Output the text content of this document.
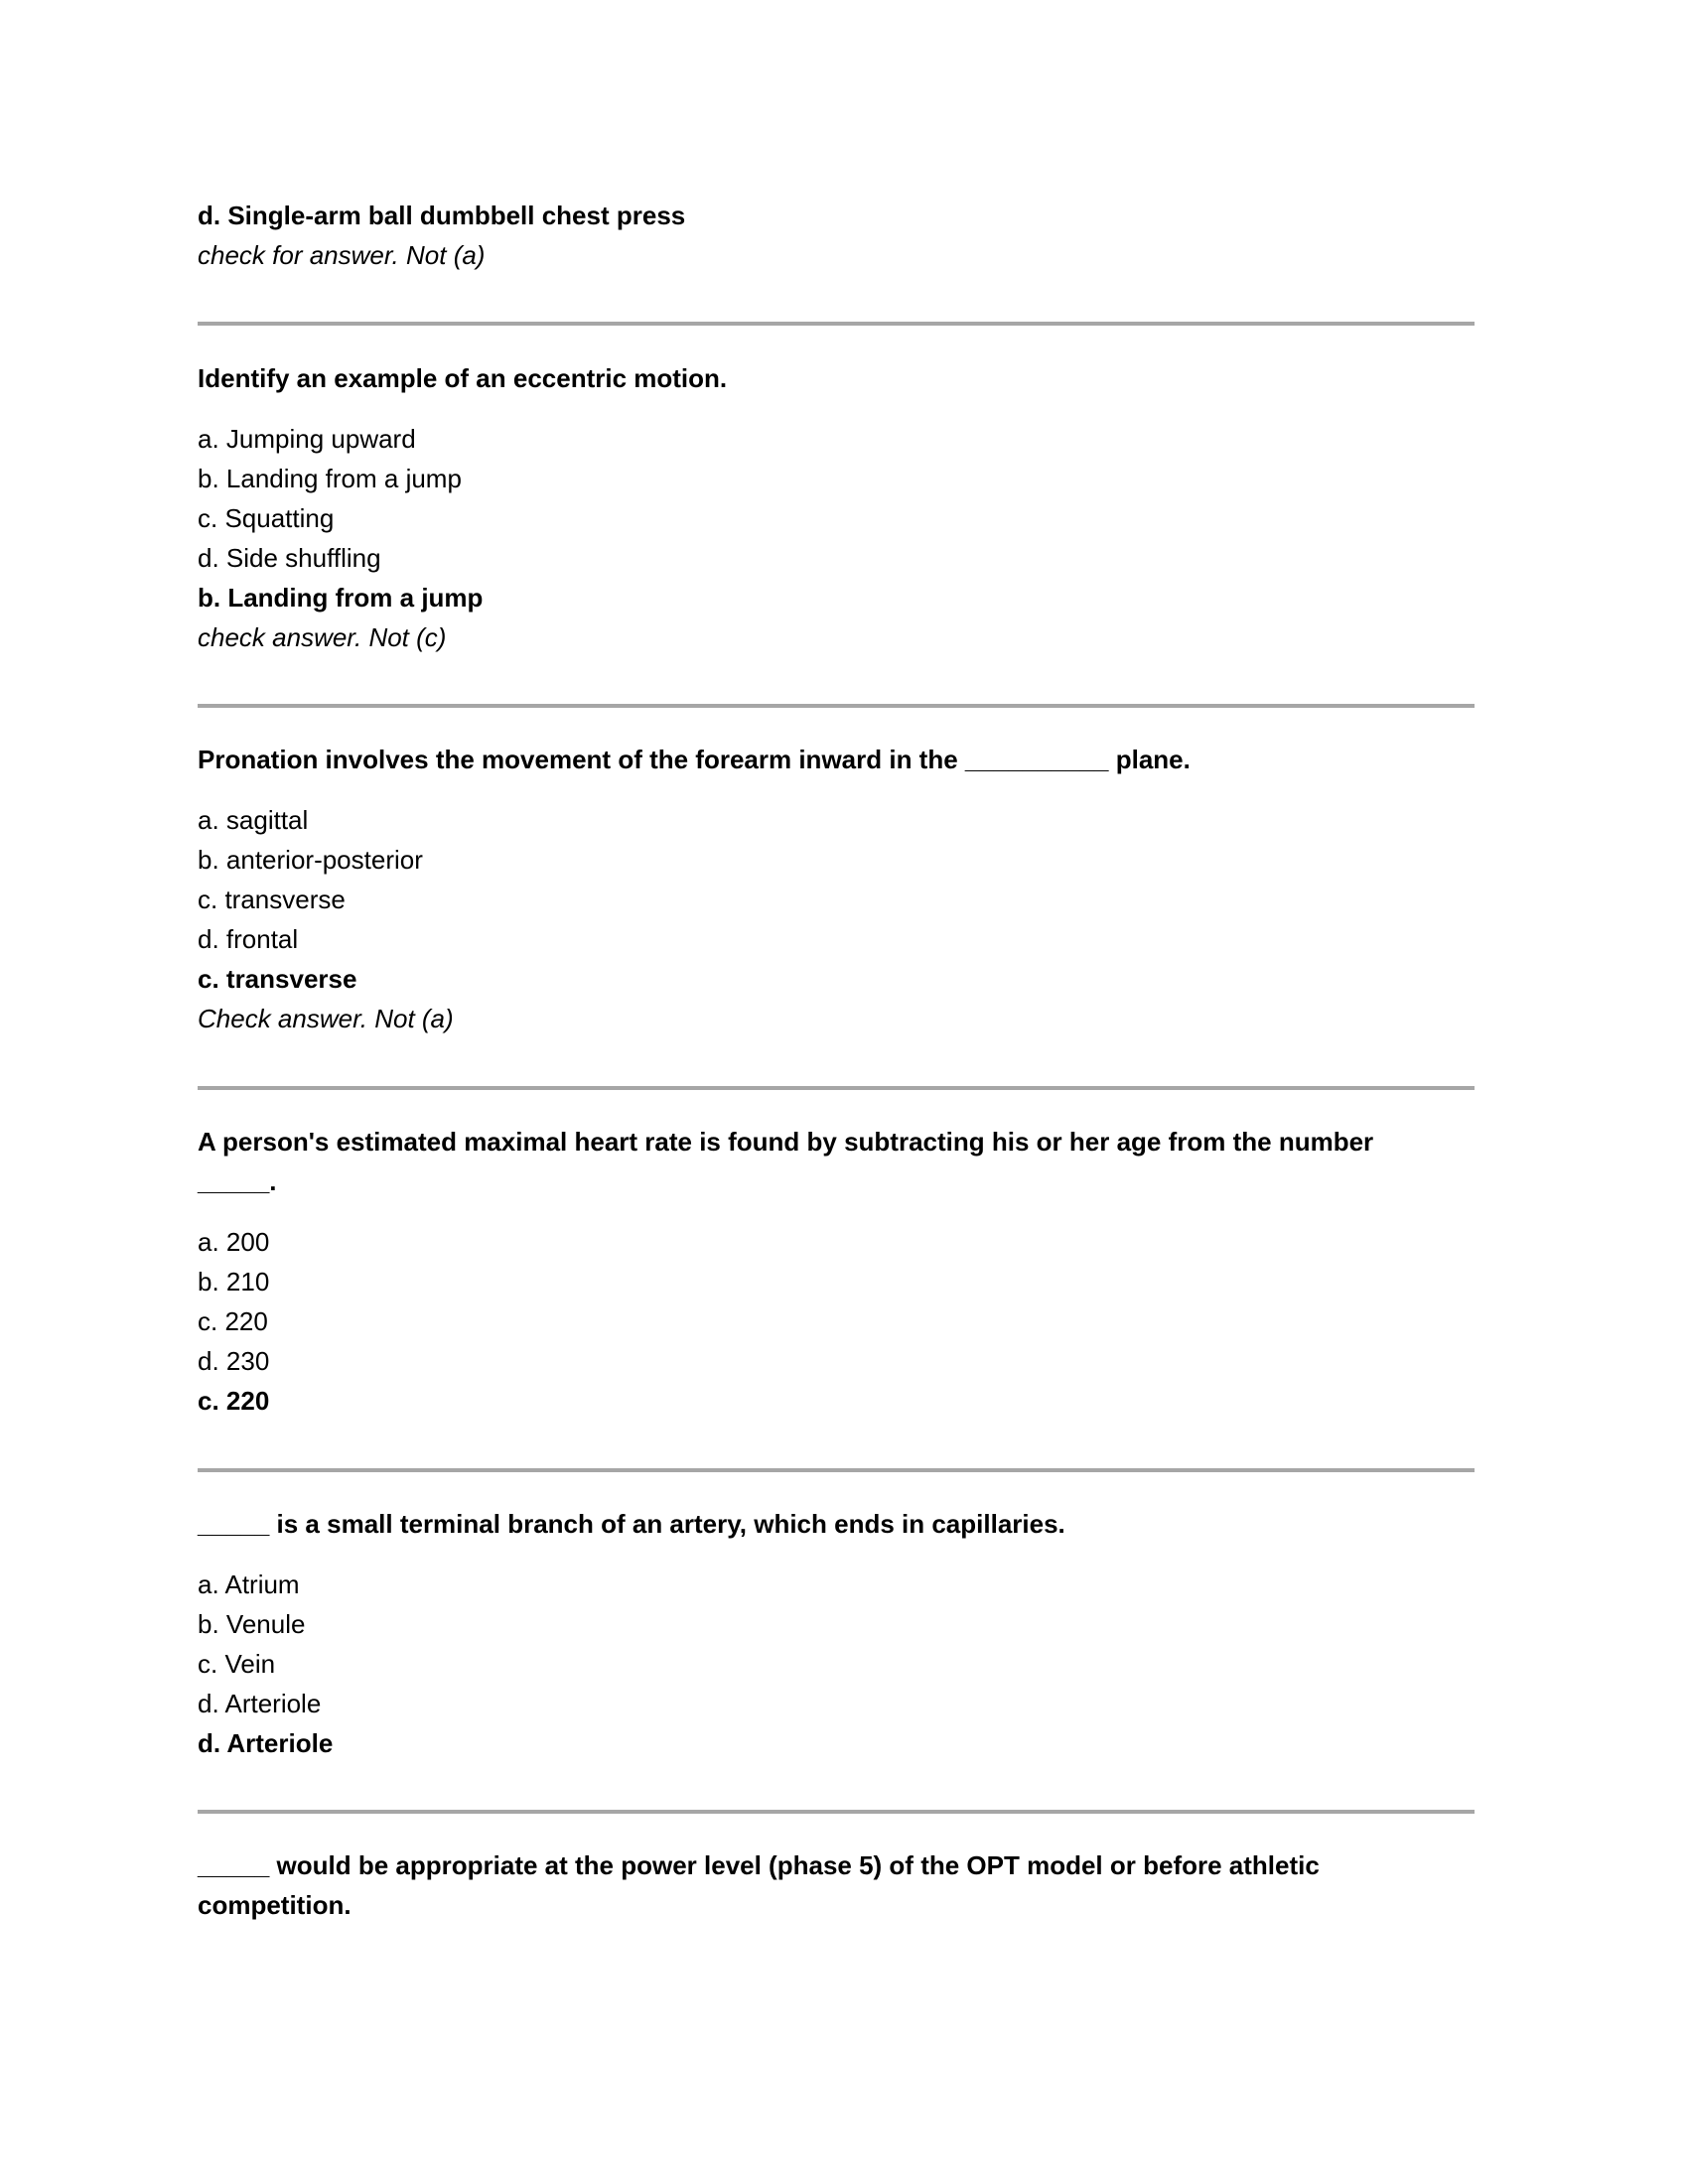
d. Single-arm ball dumbbell chest press
check for answer. Not (a)
Identify an example of an eccentric motion.
a. Jumping upward
b. Landing from a jump
c. Squatting
d. Side shuffling
b. Landing from a jump
check answer. Not (c)
Pronation involves the movement of the forearm inward in the __________ plane.
a. sagittal
b. anterior-posterior
c. transverse
d. frontal
c. transverse
Check answer. Not (a)
A person's estimated maximal heart rate is found by subtracting his or her age from the number
_____.
a. 200
b. 210
c. 220
d. 230
c. 220
_____ is a small terminal branch of an artery, which ends in capillaries.
a. Atrium
b. Venule
c. Vein
d. Arteriole
d. Arteriole
_____ would be appropriate at the power level (phase 5) of the OPT model or before athletic
competition.
